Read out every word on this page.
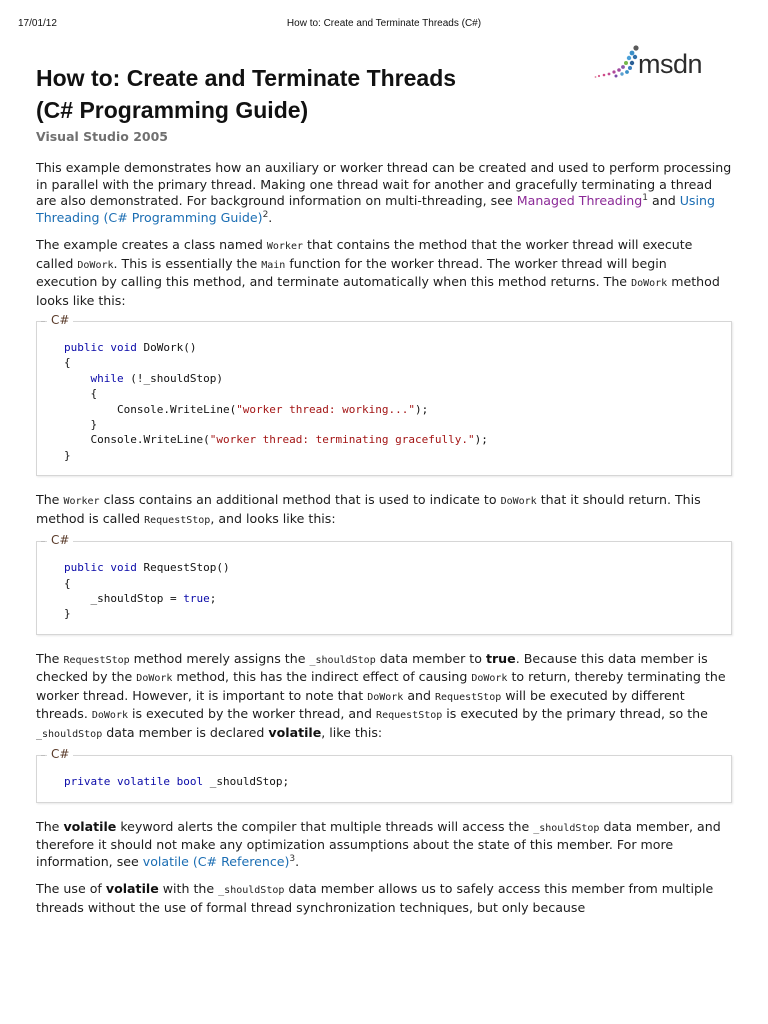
17/01/12	How to: Create and Terminate Threads (C#)
msdn
How to: Create and Terminate Threads
(C# Programming Guide)
Visual Studio 2005

This example demonstrates how an auxiliary or worker thread can be created and used to perform processing in parallel with the primary thread. Making one thread wait for another and gracefully terminating a thread are also demonstrated. For background information on multi-threading, see Managed Threading$^1$ and Using Threading (C# Programming Guide)$^2$.

The example creates a class named Worker that contains the method that the worker thread will execute called DoWork. This is essentially the Main function for the worker thread. The worker thread will begin execution by calling this method, and terminate automatically when this method returns. The DoWork method looks like this:

C#
public void DoWork()
{
while (!_shouldStop)
{
Console.WriteLine("worker thread: working...");
}
Console.WriteLine("worker thread: terminating gracefully.");
}

The Worker class contains an additional method that is used to indicate to DoWork that it should return. This method is called RequestStop, and looks like this:

C#
public void RequestStop()
{
_shouldStop = true;
}

The RequestStop method merely assigns the _shouldStop data member to true. Because this data member is checked by the DoWork method, this has the indirect effect of causing DoWork to return, thereby terminating the worker thread. However, it is important to note that DoWork and RequestStop will be executed by different threads. DoWork is executed by the worker thread, and RequestStop is executed by the primary thread, so the _shouldStop data member is declared volatile, like this:

C#
private volatile bool _shouldStop;

The volatile keyword alerts the compiler that multiple threads will access the _shouldStop data member, and therefore it should not make any optimization assumptions about the state of this member. For more information, see volatile (C# Reference)$^3$.

The use of volatile with the _shouldStop data member allows us to safely access this member from multiple threads without the use of formal thread synchronization techniques, but only because
